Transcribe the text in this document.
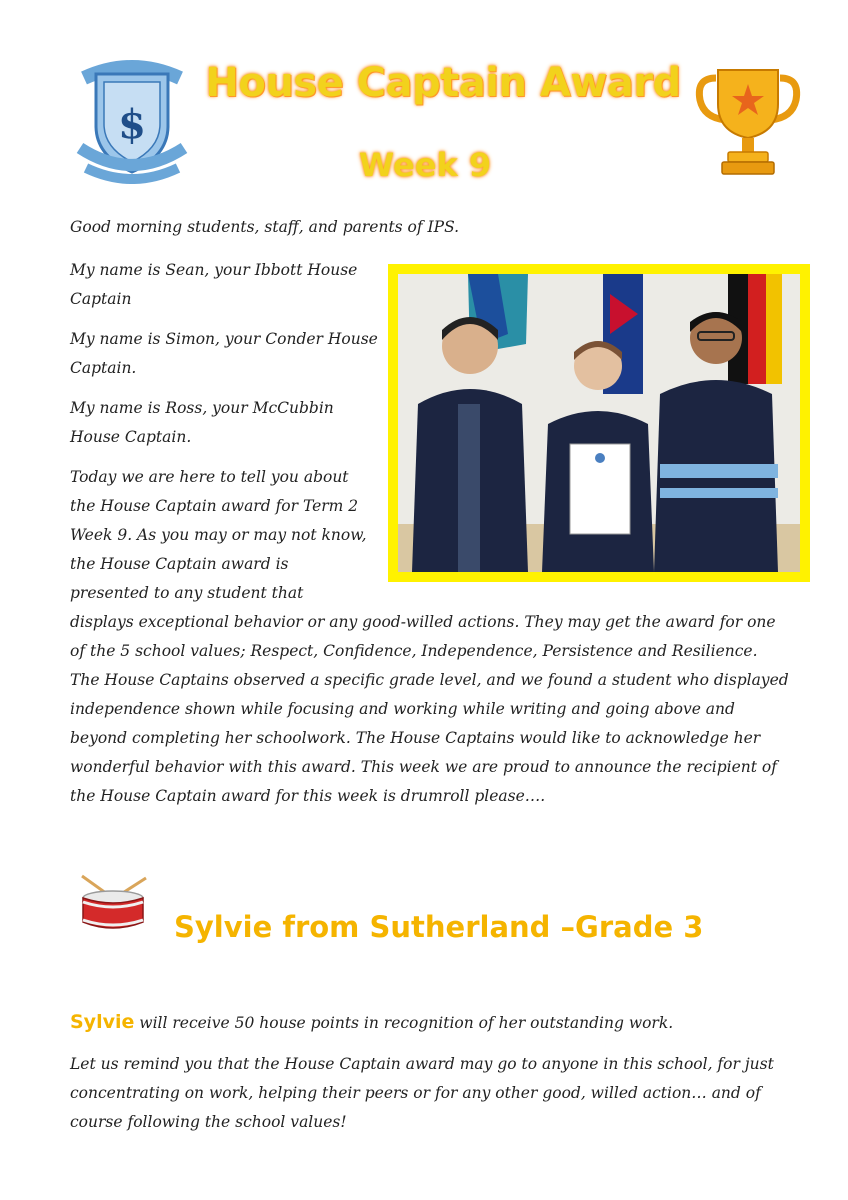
$
House Captain Award
Week 9
Good morning students, staff, and parents of IPS.
My name is Sean, your Ibbott House Captain
My name is Simon, your Conder House Captain.
My name is Ross, your McCubbin House Captain.
Today we are here to tell you about the House Captain award for Term 2 Week 9. As you may or may not know, the House Captain award is presented to any student that
displays exceptional behavior or any good-willed actions. They may get the award for one of the 5 school values; Respect, Confidence, Independence, Persistence and Resilience. The House Captains observed a specific grade level, and we found a student who displayed independence shown while focusing and working while writing and going above and beyond completing her schoolwork. The House Captains would like to acknowledge her wonderful behavior with this award. This week we are proud to announce the recipient of the House Captain award for this week is drumroll please….
Sylvie from Sutherland –Grade 3
Sylvie will receive 50 house points in recognition of her outstanding work.
Let us remind you that the House Captain award may go to anyone in this school, for just concentrating on work, helping their peers or for any other good, willed action… and of course following the school values!
